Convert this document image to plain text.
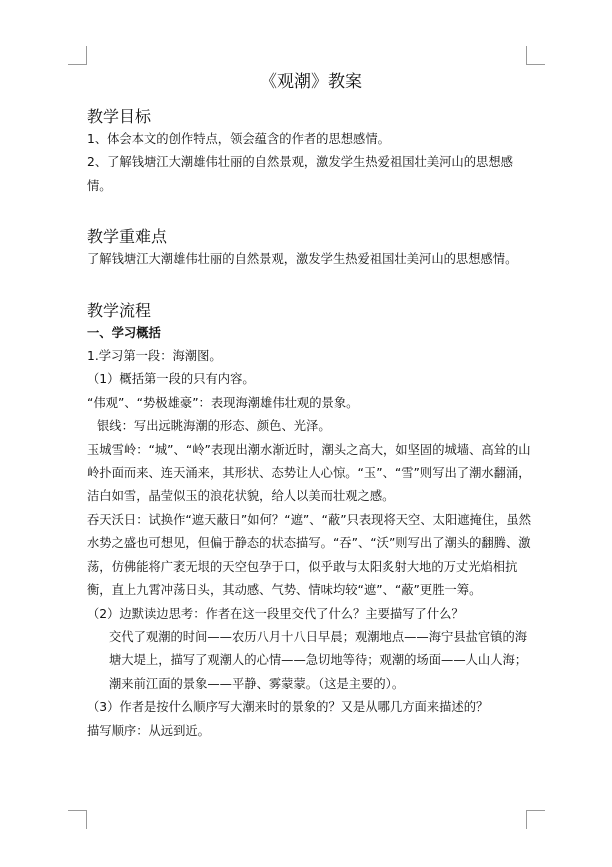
《观潮》教案
教学目标
1、体会本文的创作特点，领会蕴含的作者的思想感情。
2、了解钱塘江大潮雄伟壮丽的自然景观，激发学生热爱祖国壮美河山的思想感情。
教学重难点
了解钱塘江大潮雄伟壮丽的自然景观，激发学生热爱祖国壮美河山的思想感情。
教学流程
一、学习概括
1.学习第一段：海潮图。
（1）概括第一段的只有内容。
“伟观”、“势极雄豪”：表现海潮雄伟壮观的景象。
银线：写出远眺海潮的形态、颜色、光泽。
玉城雪岭：“城”、“岭”表现出潮水渐近时，潮头之高大，如坚固的城墙、高耸的山岭扑面而来、连天涌来，其形状、态势让人心惊。“玉”、“雪”则写出了潮水翻涌，洁白如雪，晶莹似玉的浪花状貌，给人以美而壮观之感。
吞天沃日：试换作“遮天蔽日”如何？“遮”、“蔽”只表现将天空、太阳遮掩住，虽然水势之盛也可想见，但偏于静态的状态描写。“吞”、“沃”则写出了潮头的翻腾、激荡，仿佛能将广袤无垠的天空包孕于口，似乎敢与太阳炙射大地的万丈光焰相抗衡，直上九霄冲荡日头，其动感、气势、情味均较“遮”、“蔽”更胜一筹。
（2）边默读边思考：作者在这一段里交代了什么？主要描写了什么？
交代了观潮的时间——农历八月十八日早晨；观潮地点——海宁县盐官镇的海塘大堤上，描写了观潮人的心情——急切地等待；观潮的场面——人山人海；潮来前江面的景象——平静、雾蒙蒙。（这是主要的）。
（3）作者是按什么顺序写大潮来时的景象的？又是从哪几方面来描述的？
描写顺序：从远到近。
